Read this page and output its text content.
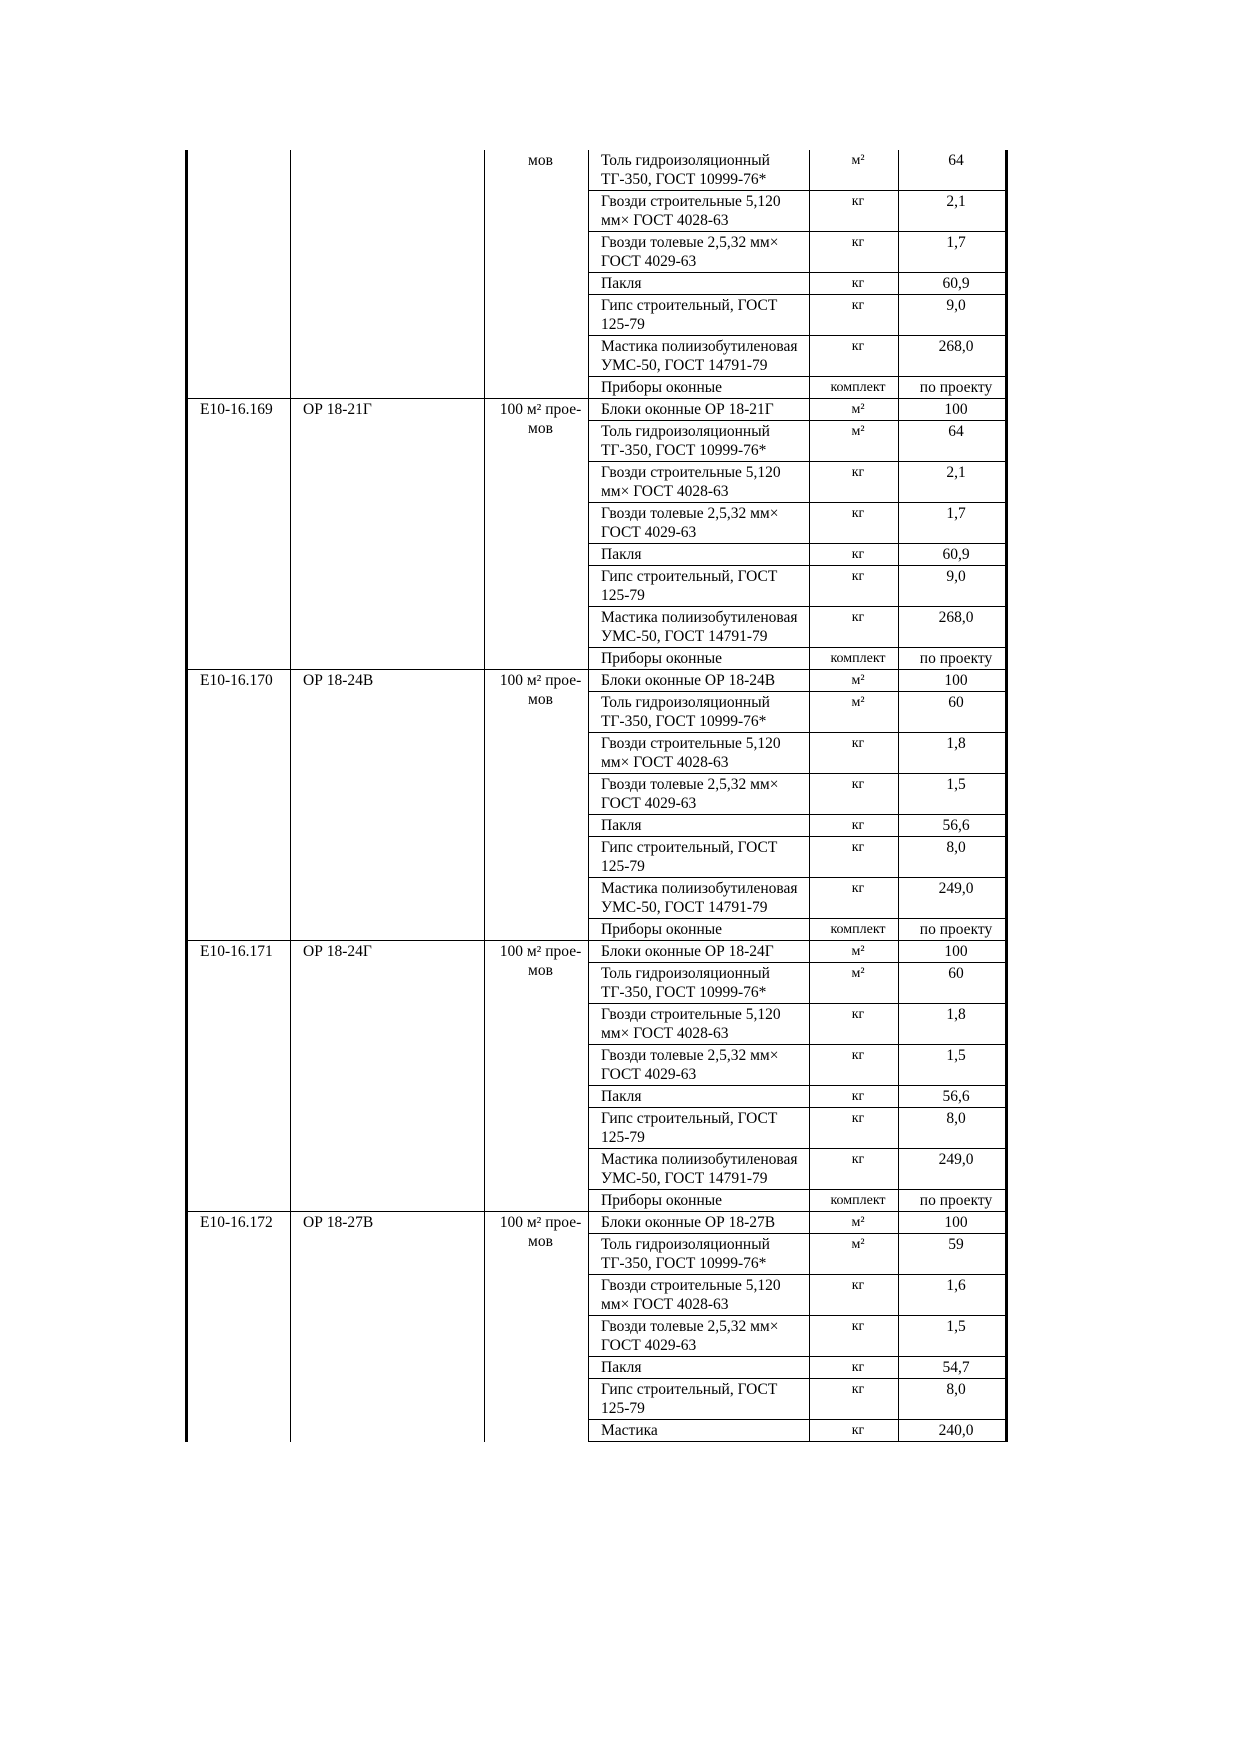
		мов	Толь гидроизоляционный ТГ-350, ГОСТ 10999-76*	м²	64
			Гвозди строительные 5,120 мм× ГОСТ 4028-63	кг	2,1
			Гвозди толевые 2,5,32 мм× ГОСТ 4029-63	кг	1,7
			Пакля	кг	60,9
			Гипс строительный, ГОСТ 125-79	кг	9,0
			Мастика полиизобутиленовая УМС-50, ГОСТ 14791-79	кг	268,0
			Приборы оконные	комплект	по проекту
Е10-16.169	ОР 18-21Г	100 м² прое- мов	Блоки оконные ОР 18-21Г	м²	100
			Толь гидроизоляционный ТГ-350, ГОСТ 10999-76*	м²	64
			Гвозди строительные 5,120 мм× ГОСТ 4028-63	кг	2,1
			Гвозди толевые 2,5,32 мм× ГОСТ 4029-63	кг	1,7
			Пакля	кг	60,9
			Гипс строительный, ГОСТ 125-79	кг	9,0
			Мастика полиизобутиленовая УМС-50, ГОСТ 14791-79	кг	268,0
			Приборы оконные	комплект	по проекту
Е10-16.170	ОР 18-24В	100 м² прое- мов	Блоки оконные ОР 18-24В	м²	100
			Толь гидроизоляционный ТГ-350, ГОСТ 10999-76*	м²	60
			Гвозди строительные 5,120 мм× ГОСТ 4028-63	кг	1,8
			Гвозди толевые 2,5,32 мм× ГОСТ 4029-63	кг	1,5
			Пакля	кг	56,6
			Гипс строительный, ГОСТ 125-79	кг	8,0
			Мастика полиизобутиленовая УМС-50, ГОСТ 14791-79	кг	249,0
			Приборы оконные	комплект	по проекту
Е10-16.171	ОР 18-24Г	100 м² прое- мов	Блоки оконные ОР 18-24Г	м²	100
			Толь гидроизоляционный ТГ-350, ГОСТ 10999-76*	м²	60
			Гвозди строительные 5,120 мм× ГОСТ 4028-63	кг	1,8
			Гвозди толевые 2,5,32 мм× ГОСТ 4029-63	кг	1,5
			Пакля	кг	56,6
			Гипс строительный, ГОСТ 125-79	кг	8,0
			Мастика полиизобутиленовая УМС-50, ГОСТ 14791-79	кг	249,0
			Приборы оконные	комплект	по проекту
Е10-16.172	ОР 18-27В	100 м² прое- мов	Блоки оконные ОР 18-27В	м²	100
			Толь гидроизоляционный ТГ-350, ГОСТ 10999-76*	м²	59
			Гвозди строительные 5,120 мм× ГОСТ 4028-63	кг	1,6
			Гвозди толевые 2,5,32 мм× ГОСТ 4029-63	кг	1,5
			Пакля	кг	54,7
			Гипс строительный, ГОСТ 125-79	кг	8,0
			Мастика	кг	240,0
